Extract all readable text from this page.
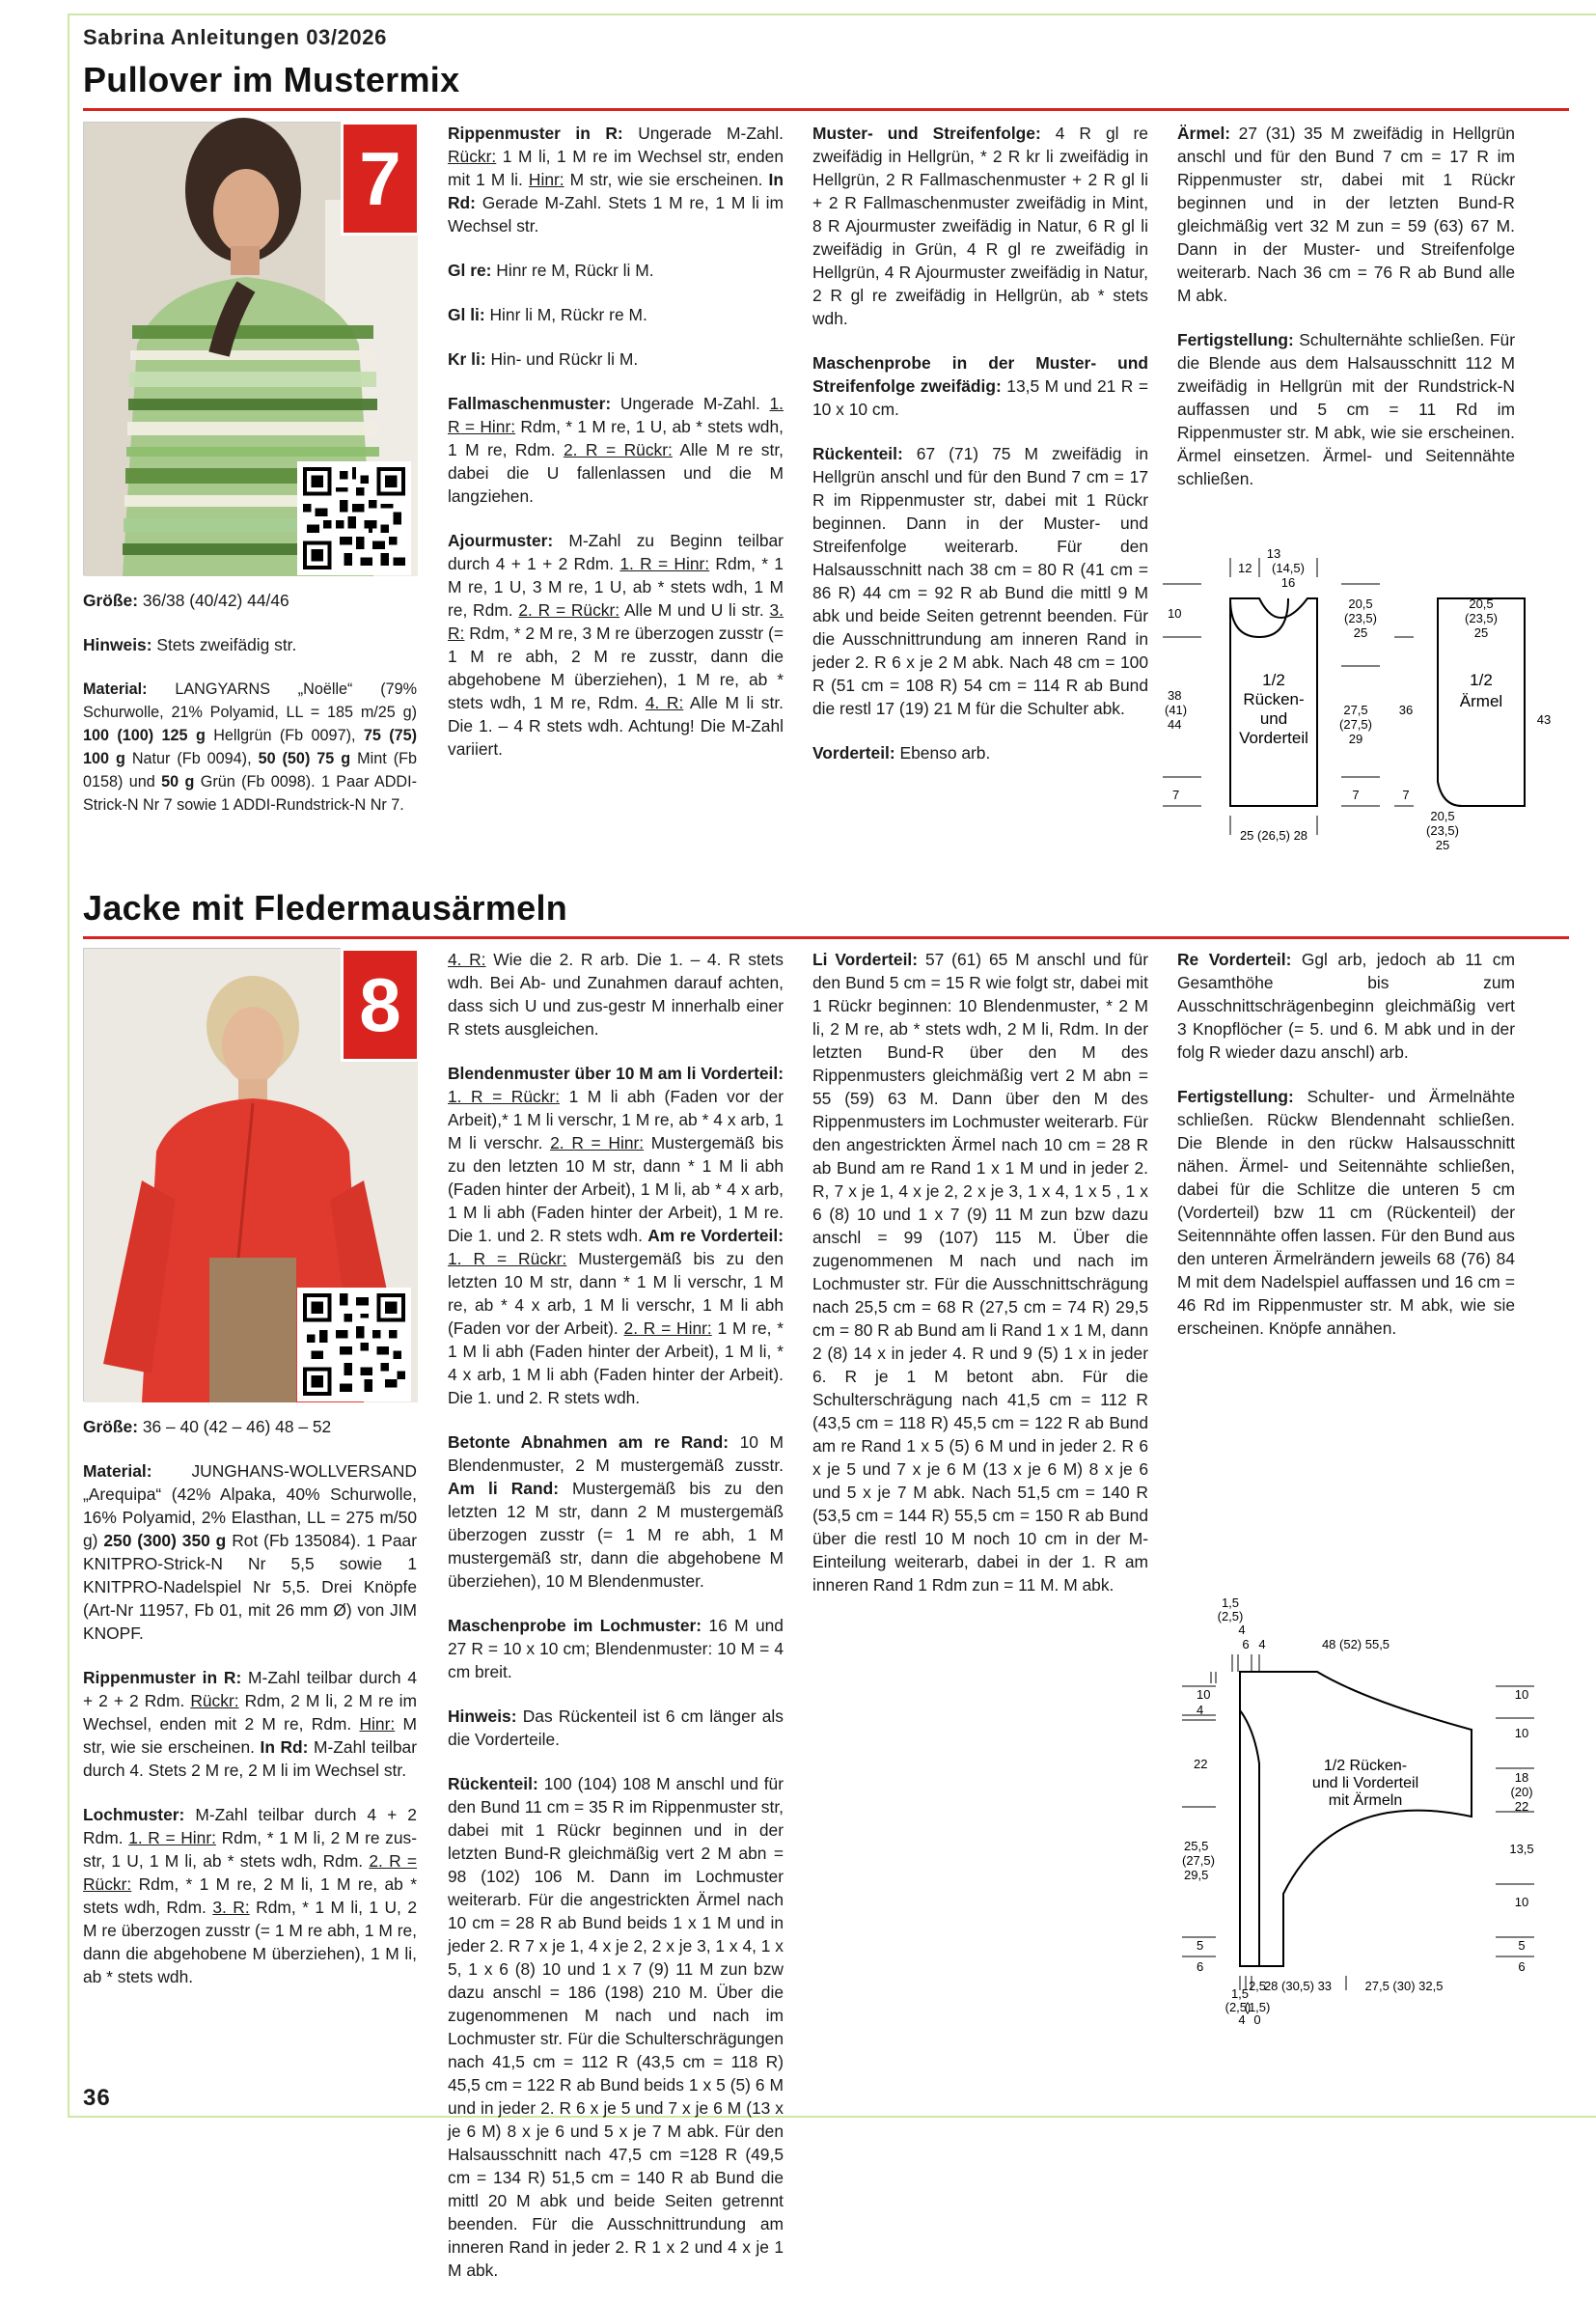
Sabrina Anleitungen 03/2026
Pullover im Mustermix
7

Größe: 36/38 (40/42) 44/46

Hinweis: Stets zweifädig str.

Material: LANGYARNS „Noëlle“ (79% Schurwolle, 21% Polyamid, LL = 185 m/25 g) 100 (100) 125 g Hellgrün (Fb 0097), 75 (75) 100 g Natur (Fb 0094), 50 (50) 75 g Mint (Fb 0158) und 50 g Grün (Fb 0098). 1 Paar ADDI-Strick-N Nr 7 sowie 1 ADDI-Rundstrick-N Nr 7.

Rippenmuster in R: Ungerade M-Zahl. Rückr: 1 M li, 1 M re im Wechsel str, enden mit 1 M li. Hinr: M str, wie sie erscheinen. In Rd: Gerade M-Zahl. Stets 1 M re, 1 M li im Wechsel str.

Gl re: Hinr re M, Rückr li M.

Gl li: Hinr li M, Rückr re M.

Kr li: Hin- und Rückr li M.

Fallmaschenmuster: Ungerade M-Zahl. 1. R = Hinr: Rdm, * 1 M re, 1 U, ab * stets wdh, 1 M re, Rdm. 2. R = Rückr: Alle M re str, dabei die U fallenlassen und die M langziehen.

Ajourmuster: M-Zahl zu Beginn teilbar durch 4 + 1 + 2 Rdm. 1. R = Hinr: Rdm, * 1 M re, 1 U, 3 M re, 1 U, ab * stets wdh, 1 M re, Rdm. 2. R = Rückr: Alle M und U li str. 3. R: Rdm, * 2 M re, 3 M re überzogen zusstr (= 1 M re abh, 2 M re zusstr, dann die abgehobene M überziehen), 1 M re, ab * stets wdh, 1 M re, Rdm. 4. R: Alle M li str. Die 1. – 4 R stets wdh. Achtung! Die M-Zahl variiert.

Muster- und Streifenfolge: 4 R gl re zweifädig in Hellgrün, * 2 R kr li zweifädig in Hellgrün, 2 R Fallmaschenmuster + 2 R gl li + 2 R Fallmaschenmuster zweifädig in Mint, 8 R Ajourmuster zweifädig in Natur, 6 R gl li zweifädig in Grün, 4 R gl re zweifädig in Hellgrün, 4 R Ajourmuster zweifädig in Natur, 2 R gl re zweifädig in Hellgrün, ab * stets wdh.

Maschenprobe in der Muster- und Streifenfolge zweifädig: 13,5 M und 21 R = 10 x 10 cm.

Rückenteil: 67 (71) 75 M zweifädig in Hellgrün anschl und für den Bund 7 cm = 17 R im Rippenmuster str, dabei mit 1 Rückr beginnen. Dann in der Muster- und Streifenfolge weiterarb. Für den Halsausschnitt nach 38 cm = 80 R (41 cm = 86 R) 44 cm = 92 R ab Bund die mittl 9 M abk und beide Seiten getrennt beenden. Für die Ausschnittrundung am inneren Rand in jeder 2. R 6 x je 2 M abk. Nach 48 cm = 100 R (51 cm = 108 R) 54 cm = 114 R ab Bund die restl 17 (19) 21 M für die Schulter abk.

Vorderteil: Ebenso arb.

Ärmel: 27 (31) 35 M zweifädig in Hellgrün anschl und für den Bund 7 cm = 17 R im Rippenmuster str, dabei mit 1 Rückr beginnen und in der letzten Bund-R gleichmäßig vert 32 M zun = 59 (63) 67 M. Dann in der Muster- und Streifenfolge weiterarb. Nach 36 cm = 76 R ab Bund alle M abk.

Fertigstellung: Schulternähte schließen. Für die Blende aus dem Halsausschnitt 112 M zweifädig in Hellgrün mit der Rundstrick-N auffassen und 5 cm = 11 Rd im Rippenmuster str. M abk, wie sie erscheinen. Ärmel einsetzen. Ärmel- und Seitennähte schließen.

12
13
(14,5)
16
10
38
(41)
44
7
20,5
(23,5)
25
27,5
(27,5)
29
7
25 (26,5) 28
1/2
Rücken-
und
Vorderteil
20,5
(23,5)
25
36
7
43
20,5
(23,5)
25
1/2
Ärmel
Jacke mit Fledermausärmeln
8

Größe: 36 – 40 (42 – 46) 48 – 52

Material: JUNGHANS-WOLLVERSAND „Arequipa“ (42% Alpaka, 40% Schurwolle, 16% Polyamid, 2% Elasthan, LL = 275 m/50 g) 250 (300) 350 g Rot (Fb 135084). 1 Paar KNITPRO-Strick-N Nr 5,5 sowie 1 KNITPRO-Nadelspiel Nr 5,5. Drei Knöpfe (Art-Nr 11957, Fb 01, mit 26 mm Ø) von JIM KNOPF.

Rippenmuster in R: M-Zahl teilbar durch 4 + 2 + 2 Rdm. Rückr: Rdm, 2 M li, 2 M re im Wechsel, enden mit 2 M re, Rdm. Hinr: M str, wie sie erscheinen. In Rd: M-Zahl teilbar durch 4. Stets 2 M re, 2 M li im Wechsel str.

Lochmuster: M-Zahl teilbar durch 4 + 2 Rdm. 1. R = Hinr: Rdm, * 1 M li, 2 M re zus-str, 1 U, 1 M li, ab * stets wdh, Rdm. 2. R = Rückr: Rdm, * 1 M re, 2 M li, 1 M re, ab * stets wdh, Rdm. 3. R: Rdm, * 1 M li, 1 U, 2 M re überzogen zusstr (= 1 M re abh, 1 M re, dann die abgehobene M überziehen), 1 M li, ab * stets wdh.

4. R: Wie die 2. R arb. Die 1. – 4. R stets wdh. Bei Ab- und Zunahmen darauf achten, dass sich U und zus-gestr M innerhalb einer R stets ausgleichen.

Blendenmuster über 10 M am li Vorderteil: 1. R = Rückr: 1 M li abh (Faden vor der Arbeit),* 1 M li verschr, 1 M re, ab * 4 x arb, 1 M li verschr. 2. R = Hinr: Mustergemäß bis zu den letzten 10 M str, dann * 1 M li abh (Faden hinter der Arbeit), 1 M li, ab * 4 x arb, 1 M li abh (Faden hinter der Arbeit), 1 M re. Die 1. und 2. R stets wdh. Am re Vorderteil: 1. R = Rückr: Mustergemäß bis zu den letzten 10 M str, dann * 1 M li verschr, 1 M re, ab * 4 x arb, 1 M li verschr, 1 M li abh (Faden vor der Arbeit). 2. R = Hinr: 1 M re, * 1 M li abh (Faden hinter der Arbeit), 1 M li, * 4 x arb, 1 M li abh (Faden hinter der Arbeit). Die 1. und 2. R stets wdh.

Betonte Abnahmen am re Rand: 10 M Blendenmuster, 2 M mustergemäß zusstr. Am li Rand: Mustergemäß bis zu den letzten 12 M str, dann 2 M mustergemäß überzogen zusstr (= 1 M re abh, 1 M mustergemäß str, dann die abgehobene M überziehen), 10 M Blendenmuster.

Maschenprobe im Lochmuster: 16 M und 27 R = 10 x 10 cm; Blendenmuster: 10 M = 4 cm breit.

Hinweis: Das Rückenteil ist 6 cm länger als die Vorderteile.

Rückenteil: 100 (104) 108 M anschl und für den Bund 11 cm = 35 R im Rippenmuster str, dabei mit 1 Rückr beginnen und in der letzten Bund-R gleichmäßig vert 2 M abn = 98 (102) 106 M. Dann im Lochmuster weiterarb. Für die angestrickten Ärmel nach 10 cm = 28 R ab Bund beids 1 x 1 M und in jeder 2. R 7 x je 1, 4 x je 2, 2 x je 3, 1 x 4, 1 x 5, 1 x 6 (8) 10 und 1 x 7 (9) 11 M zun bzw dazu anschl = 186 (198) 210 M. Über die zugenommenen M nach und nach im Lochmuster str. Für die Schulterschrägungen nach 41,5 cm = 112 R (43,5 cm = 118 R) 45,5 cm = 122 R ab Bund beids 1 x 5 (5) 6 M und in jeder 2. R 6 x je 5 und 7 x je 6 M (13 x je 6 M) 8 x je 6 und 5 x je 7 M abk. Für den Halsausschnitt nach 47,5 cm =128 R (49,5 cm = 134 R) 51,5 cm = 140 R ab Bund die mittl 20 M abk und beide Seiten getrennt beenden. Für die Ausschnittrundung am inneren Rand in jeder 2. R 1 x 2 und 4 x je 1 M abk.

Li Vorderteil: 57 (61) 65 M anschl und für den Bund 5 cm = 15 R wie folgt str, dabei mit 1 Rückr beginnen: 10 Blendenmuster, * 2 M li, 2 M re, ab * stets wdh, 2 M li, Rdm. In der letzten Bund-R über den M des Rippenmusters gleichmäßig vert 2 M abn = 55 (59) 63 M. Dann über den M des Rippenmusters im Lochmuster weiterarb. Für den angestrickten Ärmel nach 10 cm = 28 R ab Bund am re Rand 1 x 1 M und in jeder 2. R, 7 x je 1, 4 x je 2, 2 x je 3, 1 x 4, 1 x 5 , 1 x 6 (8) 10 und 1 x 7 (9) 11 M zun bzw dazu anschl = 99 (107) 115 M. Über die zugenommenen M nach und nach im Lochmuster str. Für die Ausschnittschrägung nach 25,5 cm = 68 R (27,5 cm = 74 R) 29,5 cm = 80 R ab Bund am li Rand 1 x 1 M, dann 2 (8) 14 x in jeder 4. R und 9 (5) 1 x in jeder 6. R je 1 M betont abn. Für die Schulterschrägung nach 41,5 cm = 112 R (43,5 cm = 118 R) 45,5 cm = 122 R ab Bund am re Rand 1 x 5 (5) 6 M und in jeder 2. R 6 x je 5 und 7 x je 6 M (13 x je 6 M) 8 x je 6 und 5 x je 7 M abk. Nach 51,5 cm = 140 R (53,5 cm = 144 R) 55,5 cm = 150 R ab Bund über die restl 10 M noch 10 cm in der M-Einteilung weiterarb, dabei in der 1. R am inneren Rand 1 Rdm zun = 11 M. M abk.

Re Vorderteil: Ggl arb, jedoch ab 11 cm Gesamthöhe bis zum Ausschnittschrägenbeginn gleichmäßig vert 3 Knopflöcher (= 5. und 6. M abk und in der folg R wieder dazu anschl) arb.

Fertigstellung: Schulter- und Ärmelnähte schließen. Rückw Blendennaht schließen. Die Blende in den rückw Halsausschnitt nähen. Ärmel- und Seitennähte schließen, dabei für die Schlitze die unteren 5 cm (Vorderteil) bzw 11 cm (Rückenteil) der Seitennnähte offen lassen. Für den Bund aus den unteren Ärmelrändern jeweils 68 (76) 84 M mit dem Nadelspiel auffassen und 16 cm = 46 Rd im Rippenmuster str. M abk, wie sie erscheinen. Knöpfe annähen.

1,5
(2,5)
4
6 4	48 (52) 55,5
10
4
22
25,5
(27,5)
29,5
5
6
10
10
18
(20)
22
13,5
10
5
6
1/2 Rücken-
und li Vorderteil
mit Ärmeln
1,5
2,5
(2,5)
(1,5)
4 0
28 (30,5) 33	27,5 (30) 32,5
36
